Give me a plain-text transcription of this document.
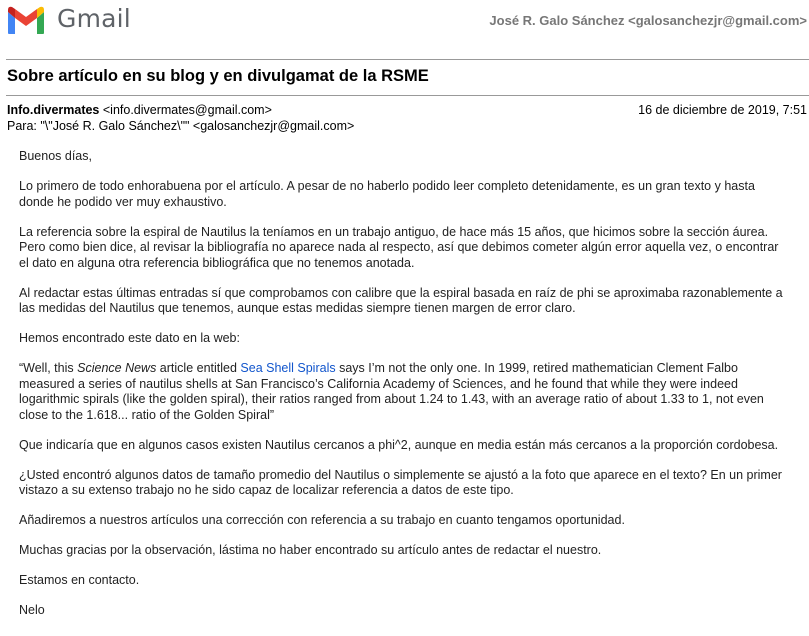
Gmail	José R. Galo Sánchez <galosanchezjr@gmail.com>
Sobre artículo en su blog y en divulgamat de la RSME
Info.divermates <info.divermates@gmail.com>	16 de diciembre de 2019, 7:51
Para: "\"José R. Galo Sánchez\"" <galosanchezjr@gmail.com>

Buenos días,

Lo primero de todo enhorabuena por el artículo. A pesar de no haberlo podido leer completo detenidamente, es un gran texto y hasta donde he podido ver muy exhaustivo.

La referencia sobre la espiral de Nautilus la teníamos en un trabajo antiguo, de hace más 15 años, que hicimos sobre la sección áurea. Pero como bien dice, al revisar la bibliografía no aparece nada al respecto, así que debimos cometer algún error aquella vez, o encontrar el dato en alguna otra referencia bibliográfica que no tenemos anotada.

Al redactar estas últimas entradas sí que comprobamos con calibre que la espiral basada en raíz de phi se aproximaba razonablemente a las medidas del Nautilus que tenemos, aunque estas medidas siempre tienen margen de error claro.

Hemos encontrado este dato en la web:

“Well, this Science News article entitled Sea Shell Spirals says I’m not the only one. In 1999, retired mathematician Clement Falbo measured a series of nautilus shells at San Francisco’s California Academy of Sciences, and he found that while they were indeed logarithmic spirals (like the golden spiral), their ratios ranged from about 1.24 to 1.43, with an average ratio of about 1.33 to 1, not even close to the 1.618... ratio of the Golden Spiral”

Que indicaría que en algunos casos existen Nautilus cercanos a phi^2, aunque en media están más cercanos a la proporción cordobesa.

¿Usted encontró algunos datos de tamaño promedio del Nautilus o simplemente se ajustó a la foto que aparece en el texto? En un primer vistazo a su extenso trabajo no he sido capaz de localizar referencia a datos de este tipo.

Añadiremos a nuestros artículos una corrección con referencia a su trabajo en cuanto tengamos oportunidad.

Muchas gracias por la observación, lástima no haber encontrado su artículo antes de redactar el nuestro.

Estamos en contacto.

Nelo
